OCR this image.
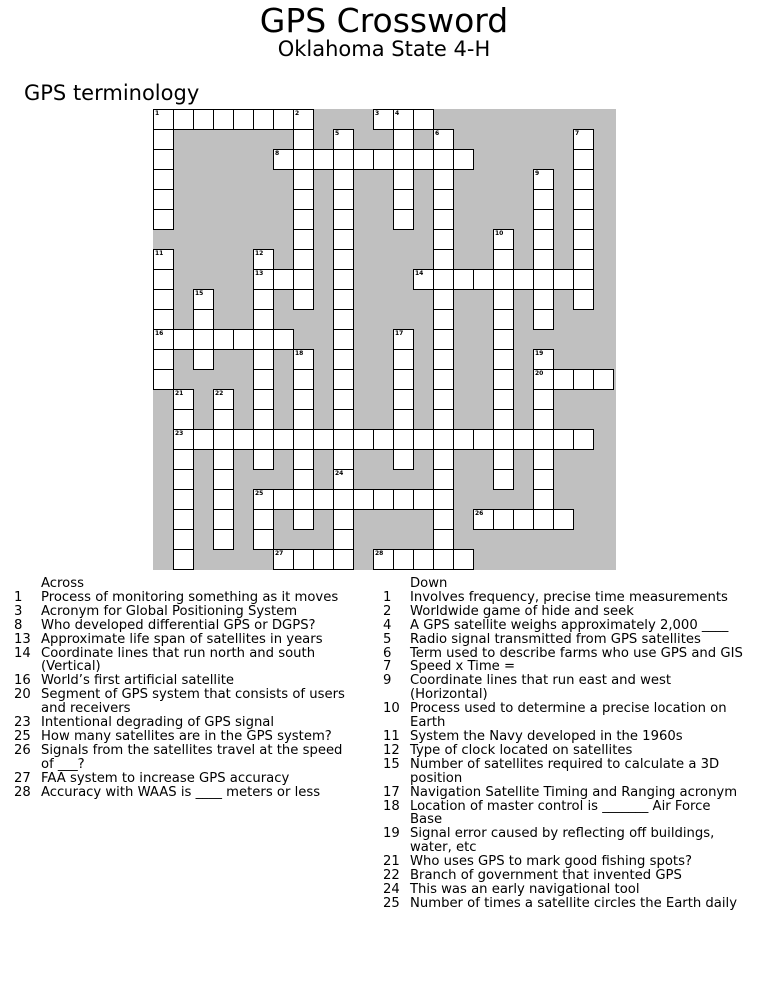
GPS Crossword
Oklahoma State 4-H
GPS terminology
1	2	3	4
8
13	14
16
20
23
25
26
27	28
5
24
6	7
9
10
11	12
15
17
18	19
21	22
Across
1	Process of monitoring something as it moves
3	Acronym for Global Positioning System
8	Who developed differential GPS or DGPS?
13 Approximate life span of satellites in years
14 Coordinate lines that run north and south (Vertical)
16 World’s first artificial satellite
20 Segment of GPS system that consists of users and receivers
23 Intentional degrading of GPS signal
25 How many satellites are in the GPS system?
26 Signals from the satellites travel at the speed of ___?
27 FAA system to increase GPS accuracy
28 Accuracy with WAAS is ____ meters or less
Down
1	Involves frequency, precise time measurements
2	Worldwide game of hide and seek
4	A GPS satellite weighs approximately 2,000 ____
5	Radio signal transmitted from GPS satellites
6	Term used to describe farms who use GPS and GIS
7	Speed x Time =
9	Coordinate lines that run east and west (Horizontal)
10 Process used to determine a precise location on Earth
11 System the Navy developed in the 1960s
12 Type of clock located on satellites
15 Number of satellites required to calculate a 3D position
17 Navigation Satellite Timing and Ranging acronym
18 Location of master control is _______ Air Force Base
19 Signal error caused by reflecting off buildings, water, etc
21 Who uses GPS to mark good fishing spots?
22 Branch of government that invented GPS
24 This was an early navigational tool
25 Number of times a satellite circles the Earth daily
